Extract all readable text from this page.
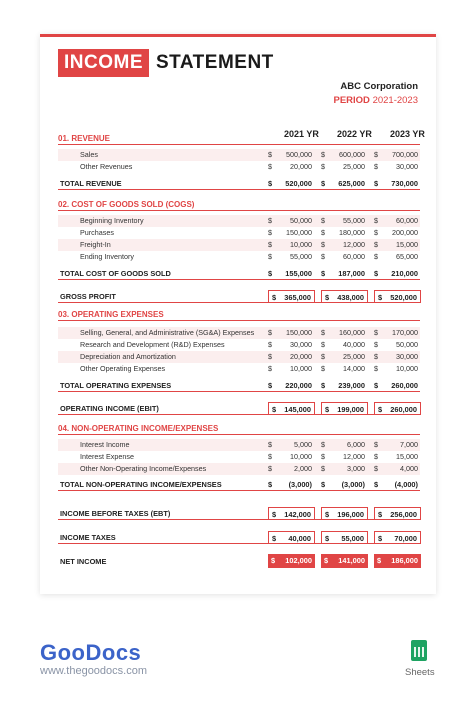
INCOME STATEMENT
ABC Corporation
PERIOD 2021-2023
2021 YR 2022 YR 2023 YR
01. REVENUE
Sales	$ 500,000 $ 600,000 $ 700,000
Other Revenues	$	20,000 $	25,000 $	30,000
TOTAL REVENUE	$ 520,000 $ 625,000 $ 730,000
02. COST OF GOODS SOLD (COGS)
Beginning Inventory	$	50,000 $	55,000 $	60,000
Purchases	$ 150,000 $ 180,000 $ 200,000
Freight-In	$	10,000 $	12,000 $	15,000
Ending Inventory	$	55,000 $	60,000 $	65,000
TOTAL COST OF GOODS SOLD	$ 155,000 $ 187,000 $ 210,000
GROSS PROFIT	$ 365,000 $ 438,000 $ 520,000
03. OPERATING EXPENSES
Selling, General, and Administrative (SG&A) Expenses $ 150,000 $ 160,000 $ 170,000
Research and Development (R&D) Expenses	$	30,000 $	40,000 $	50,000
Depreciation and Amortization	$	20,000 $	25,000 $	30,000
Other Operating Expenses	$	10,000 $	14,000 $	10,000
TOTAL OPERATING EXPENSES	$ 220,000 $ 239,000 $ 260,000
OPERATING INCOME (EBIT)	$ 145,000 $ 199,000 $ 260,000
04. NON-OPERATING INCOME/EXPENSES
Interest Income	$	5,000 $	6,000 $	7,000
Interest Expense	$	10,000 $	12,000 $	15,000
Other Non-Operating Income/Expenses	$	2,000 $	3,000 $	4,000
TOTAL NON-OPERATING INCOME/EXPENSES	$ (3,000) $ (3,000) $ (4,000)
INCOME BEFORE TAXES (EBT)	$ 142,000 $ 196,000 $ 256,000
INCOME TAXES	$ 40,000 $ 55,000 $ 70,000
NET INCOME	$ 102,000 $ 141,000 $ 186,000
GooDocs
www.thegoodocs.com	Sheets
